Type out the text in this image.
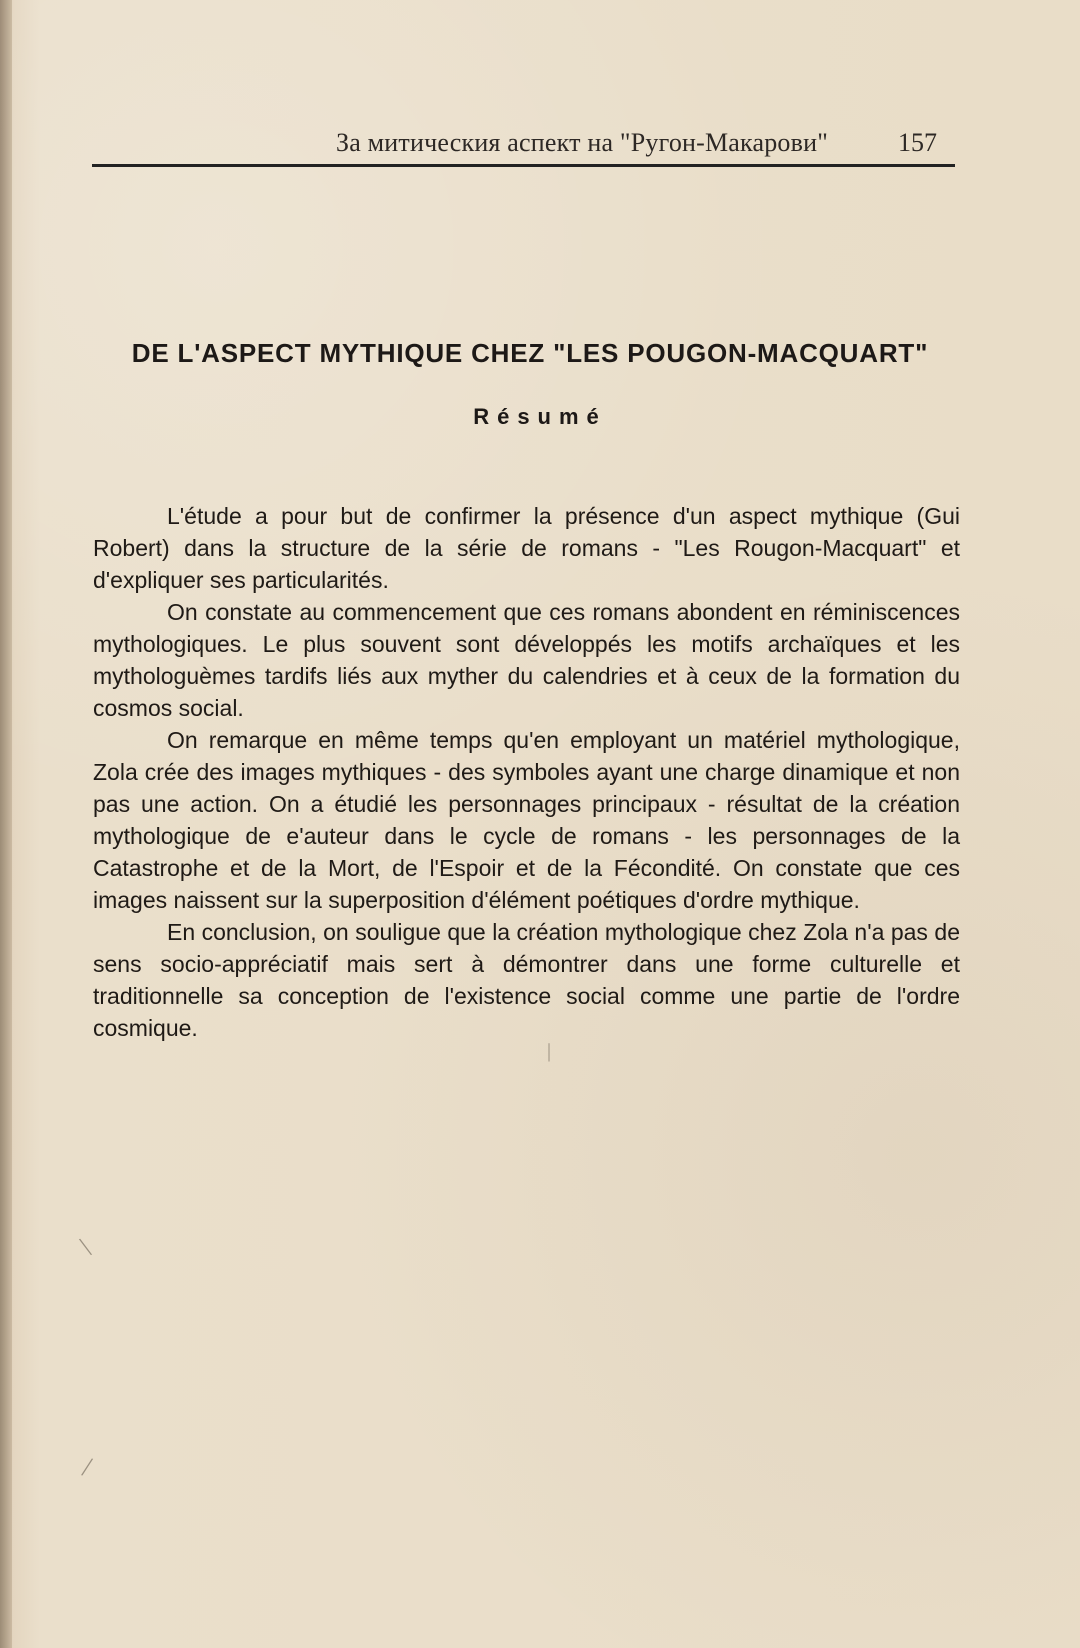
За митическия аспект на "Ругон-Макарови"	157
DE L'ASPECT MYTHIQUE CHEZ "LES POUGON-MACQUART"
Résumé

L'étude a pour but de confirmer la présence d'un aspect mythique (Gui Robert) dans la structure de la série de romans - "Les Rougon-Macquart" et d'expliquer ses particularités.

On constate au commencement que ces romans abondent en réminiscences mythologiques. Le plus souvent sont développés les motifs archaïques et les mythologuèmes tardifs liés aux myther du calendries et à ceux de la formation du cosmos social.

On remarque en même temps qu'en employant un matériel mythologique, Zola crée des images mythiques - des symboles ayant une charge dinamique et non pas une action. On a étudié les personnages principaux - résultat de la création mythologique de e'auteur dans le cycle de romans - les personnages de la Catastrophe et de la Mort, de l'Espoir et de la Fécondité. On constate que ces images naissent sur la superposition d'élément poétiques d'ordre mythique.

En conclusion, on souligue que la création mythologique chez Zola n'a pas de sens socio-appréciatif mais sert à démontrer dans une forme culturelle et traditionnelle sa conception de l'existence social comme une partie de l'ordre cosmique.

\
/
|
